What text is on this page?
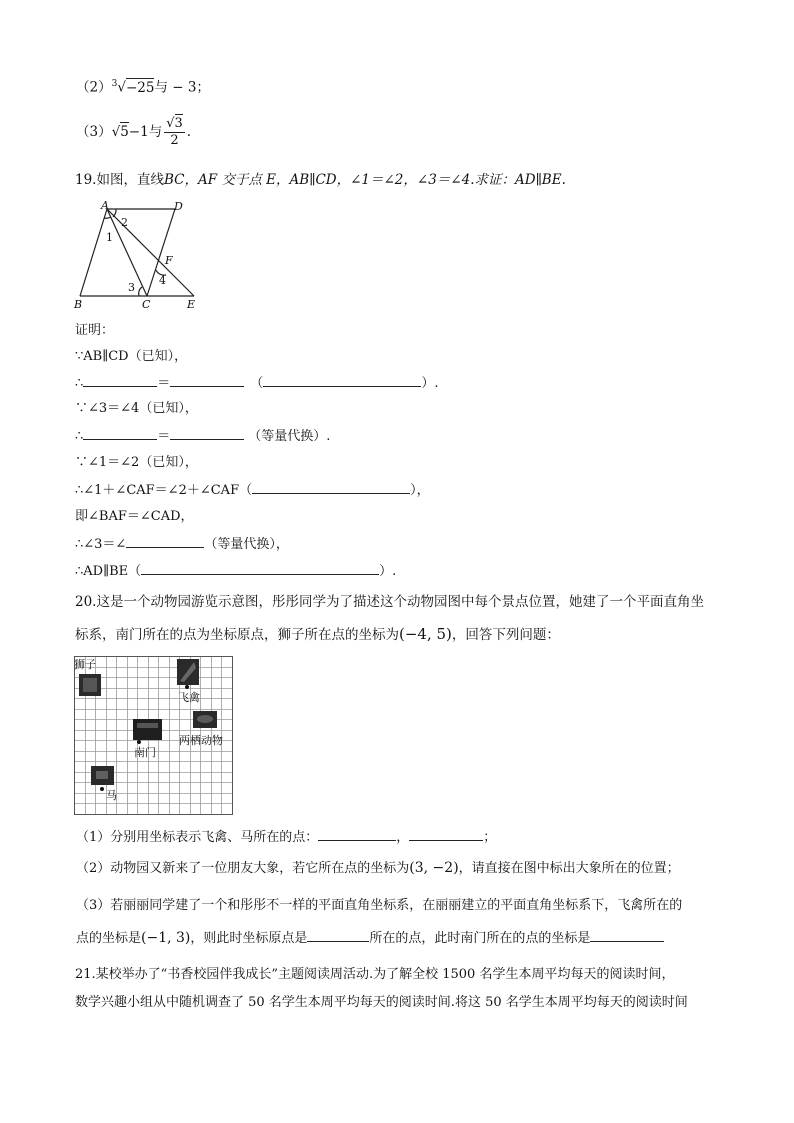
$(2)^3√-25$与 − 3；
（3）√5−1与 $\frac{√3}{2}$ .
19.如图，直线BC，AF 交于点 E，AB∥CD，∠1＝∠2，∠3＝∠4.求证：AD∥BE.
A	D
2
1
F
4
3
B	C	E
证明：
∵AB∥CD（已知），
∴	＝	（	）.
∵∠3＝∠4（已知），
∴	＝	（等量代换）.
∵∠1＝∠2（已知），
∴∠1＋∠CAF＝∠2＋∠CAF（	），
即∠BAF＝∠CAD，
∴∠3＝∠	（等量代换），
∴AD∥BE（	）.
20.这是一个动物园游览示意图，彤彤同学为了描述这个动物园图中每个景点位置，她建了一个平面直角坐
标系，南门所在的点为坐标原点，狮子所在点的坐标为(−4, 5)，回答下列问题：
狮子
飞禽
两栖动物
南门
马
（1）分别用坐标表示飞禽、马所在的点：	，	；
（2）动物园又新来了一位朋友大象，若它所在点的坐标为(3, −2)，请直接在图中标出大象所在的位置；
（3）若丽丽同学建了一个和彤彤不一样的平面直角坐标系，在丽丽建立的平面直角坐标系下，飞禽所在的
点的坐标是(−1, 3)，则此时坐标原点是	所在的点，此时南门所在的点的坐标是
21.某校举办了“书香校园伴我成长”主题阅读周活动.为了解全校 1500 名学生本周平均每天的阅读时间，
数学兴趣小组从中随机调查了 50 名学生本周平均每天的阅读时间.将这 50 名学生本周平均每天的阅读时间
